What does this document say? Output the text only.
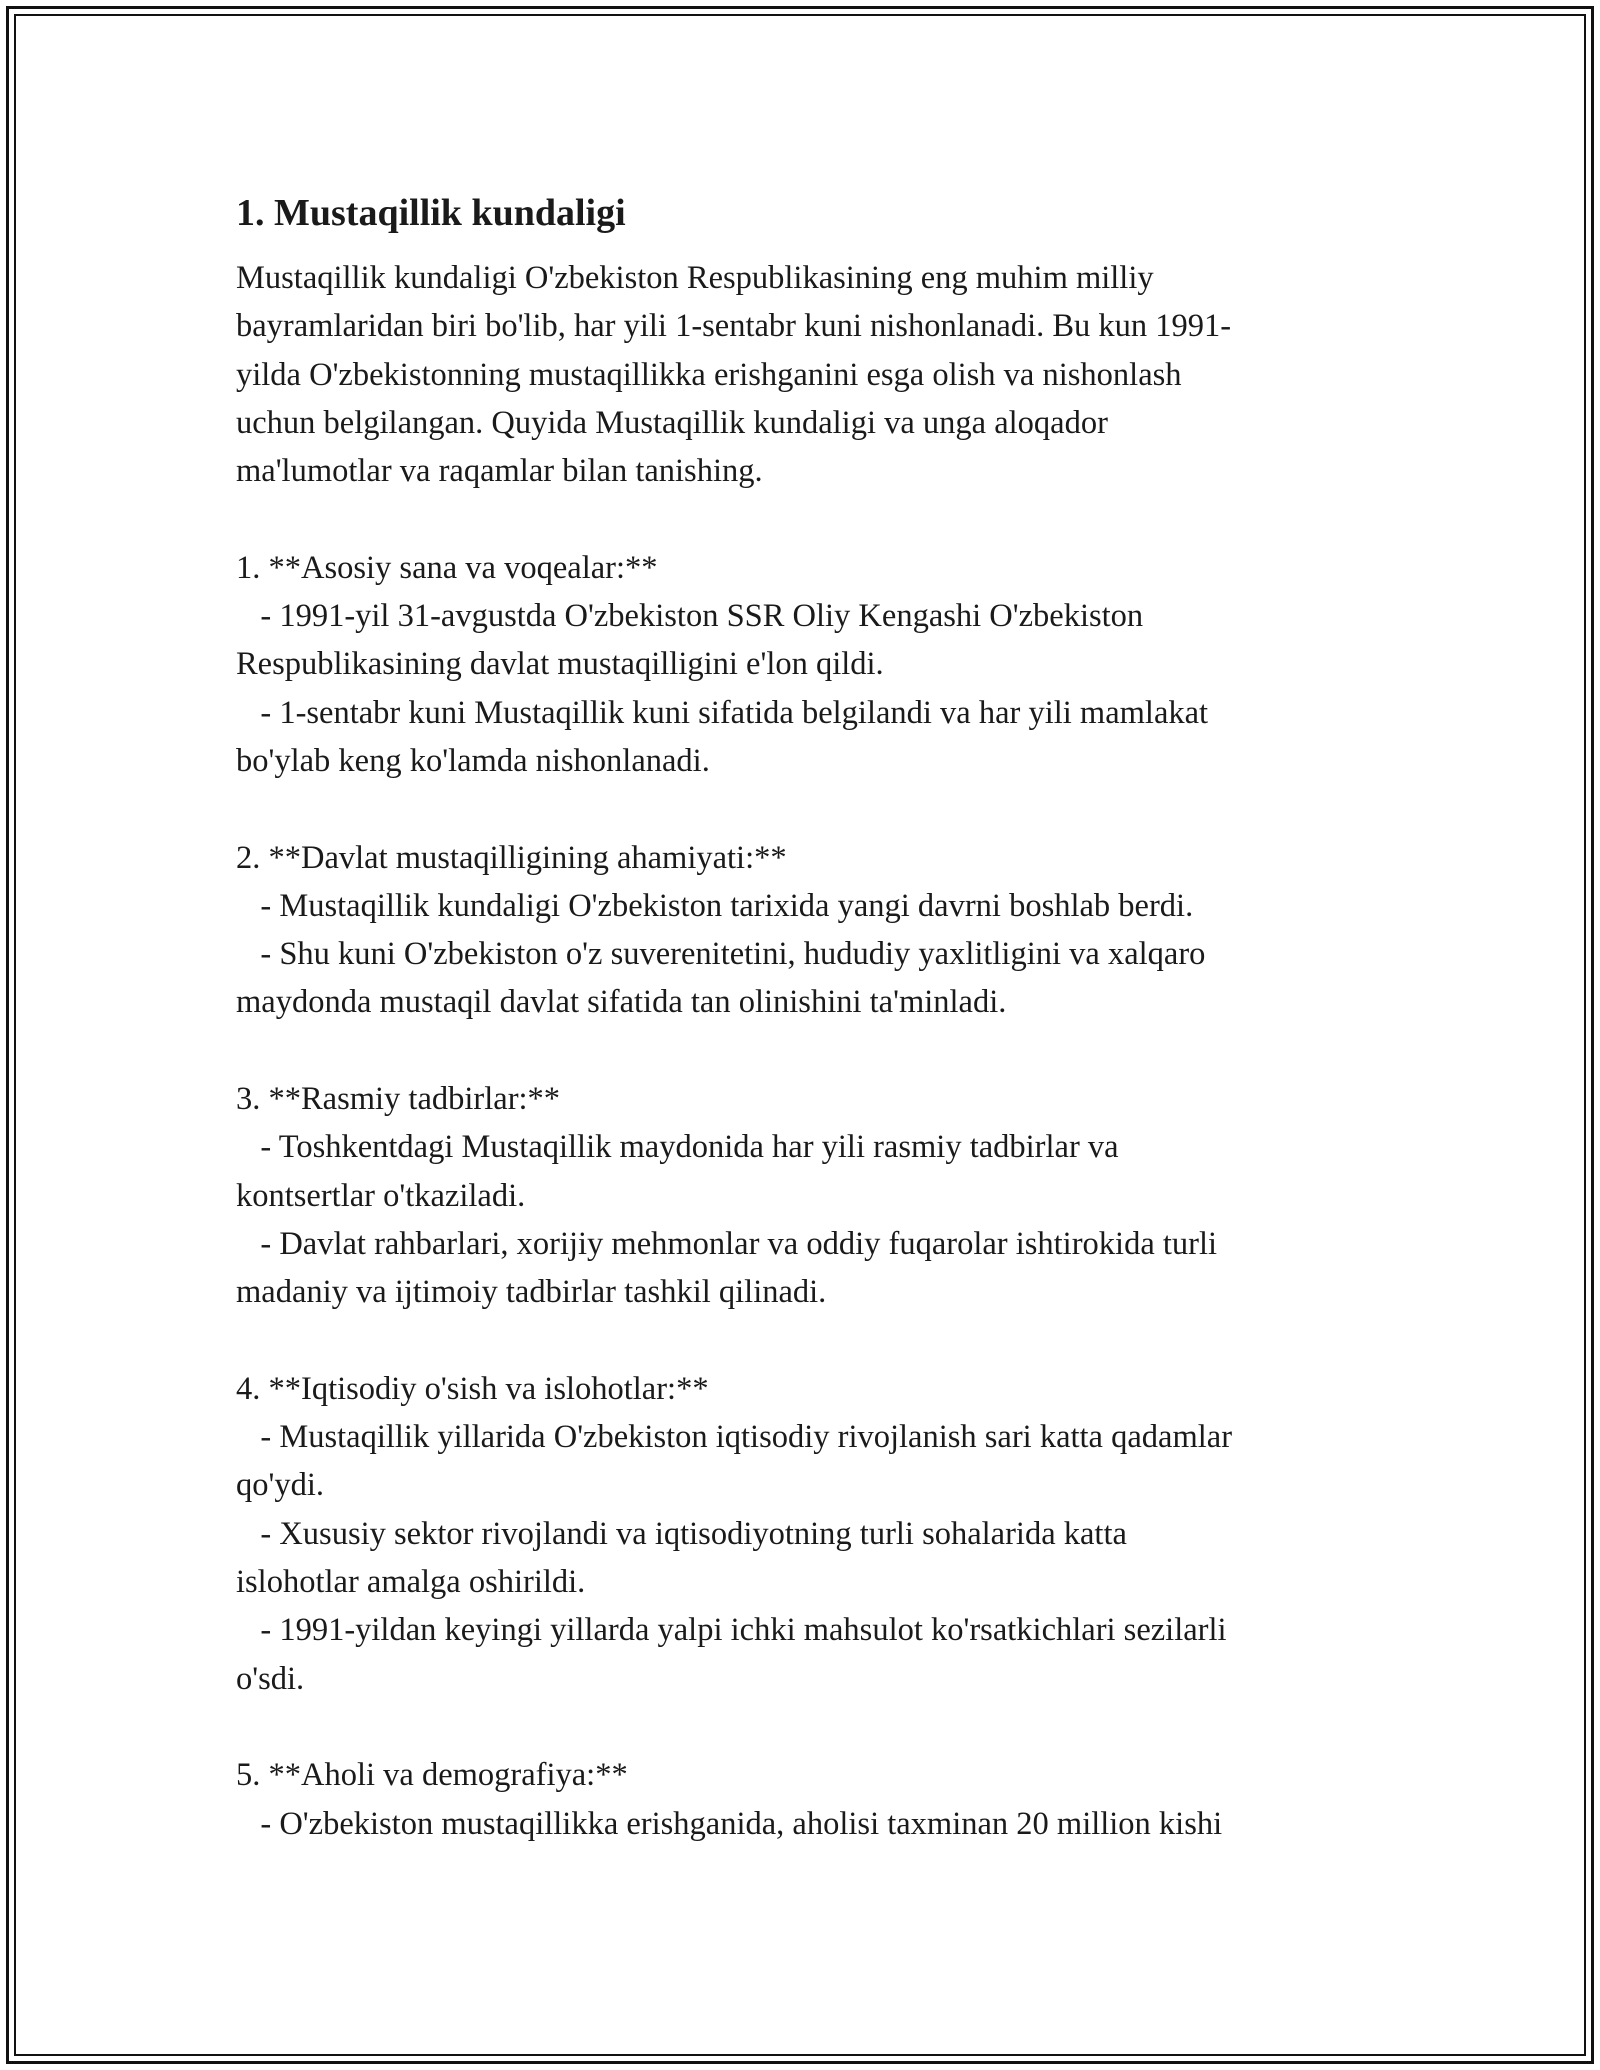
1. Mustaqillik kundaligi

Mustaqillik kundaligi O'zbekiston Respublikasining eng muhim milliy

bayramlaridan biri bo'lib, har yili 1-sentabr kuni nishonlanadi. Bu kun 1991-

yilda O'zbekistonning mustaqillikka erishganini esga olish va nishonlash

uchun belgilangan. Quyida Mustaqillik kundaligi va unga aloqador

ma'lumotlar va raqamlar bilan tanishing.

1. **Asosiy sana va voqealar:**

- 1991-yil 31-avgustda O'zbekiston SSR Oliy Kengashi O'zbekiston

Respublikasining davlat mustaqilligini e'lon qildi.

- 1-sentabr kuni Mustaqillik kuni sifatida belgilandi va har yili mamlakat

bo'ylab keng ko'lamda nishonlanadi.

2. **Davlat mustaqilligining ahamiyati:**

- Mustaqillik kundaligi O'zbekiston tarixida yangi davrni boshlab berdi.

- Shu kuni O'zbekiston o'z suverenitetini, hududiy yaxlitligini va xalqaro

maydonda mustaqil davlat sifatida tan olinishini ta'minladi.

3. **Rasmiy tadbirlar:**

- Toshkentdagi Mustaqillik maydonida har yili rasmiy tadbirlar va

kontsertlar o'tkaziladi.

- Davlat rahbarlari, xorijiy mehmonlar va oddiy fuqarolar ishtirokida turli

madaniy va ijtimoiy tadbirlar tashkil qilinadi.

4. **Iqtisodiy o'sish va islohotlar:**

- Mustaqillik yillarida O'zbekiston iqtisodiy rivojlanish sari katta qadamlar

qo'ydi.

- Xususiy sektor rivojlandi va iqtisodiyotning turli sohalarida katta

islohotlar amalga oshirildi.

- 1991-yildan keyingi yillarda yalpi ichki mahsulot ko'rsatkichlari sezilarli

o'sdi.

5. **Aholi va demografiya:**

- O'zbekiston mustaqillikka erishganida, aholisi taxminan 20 million kishi
